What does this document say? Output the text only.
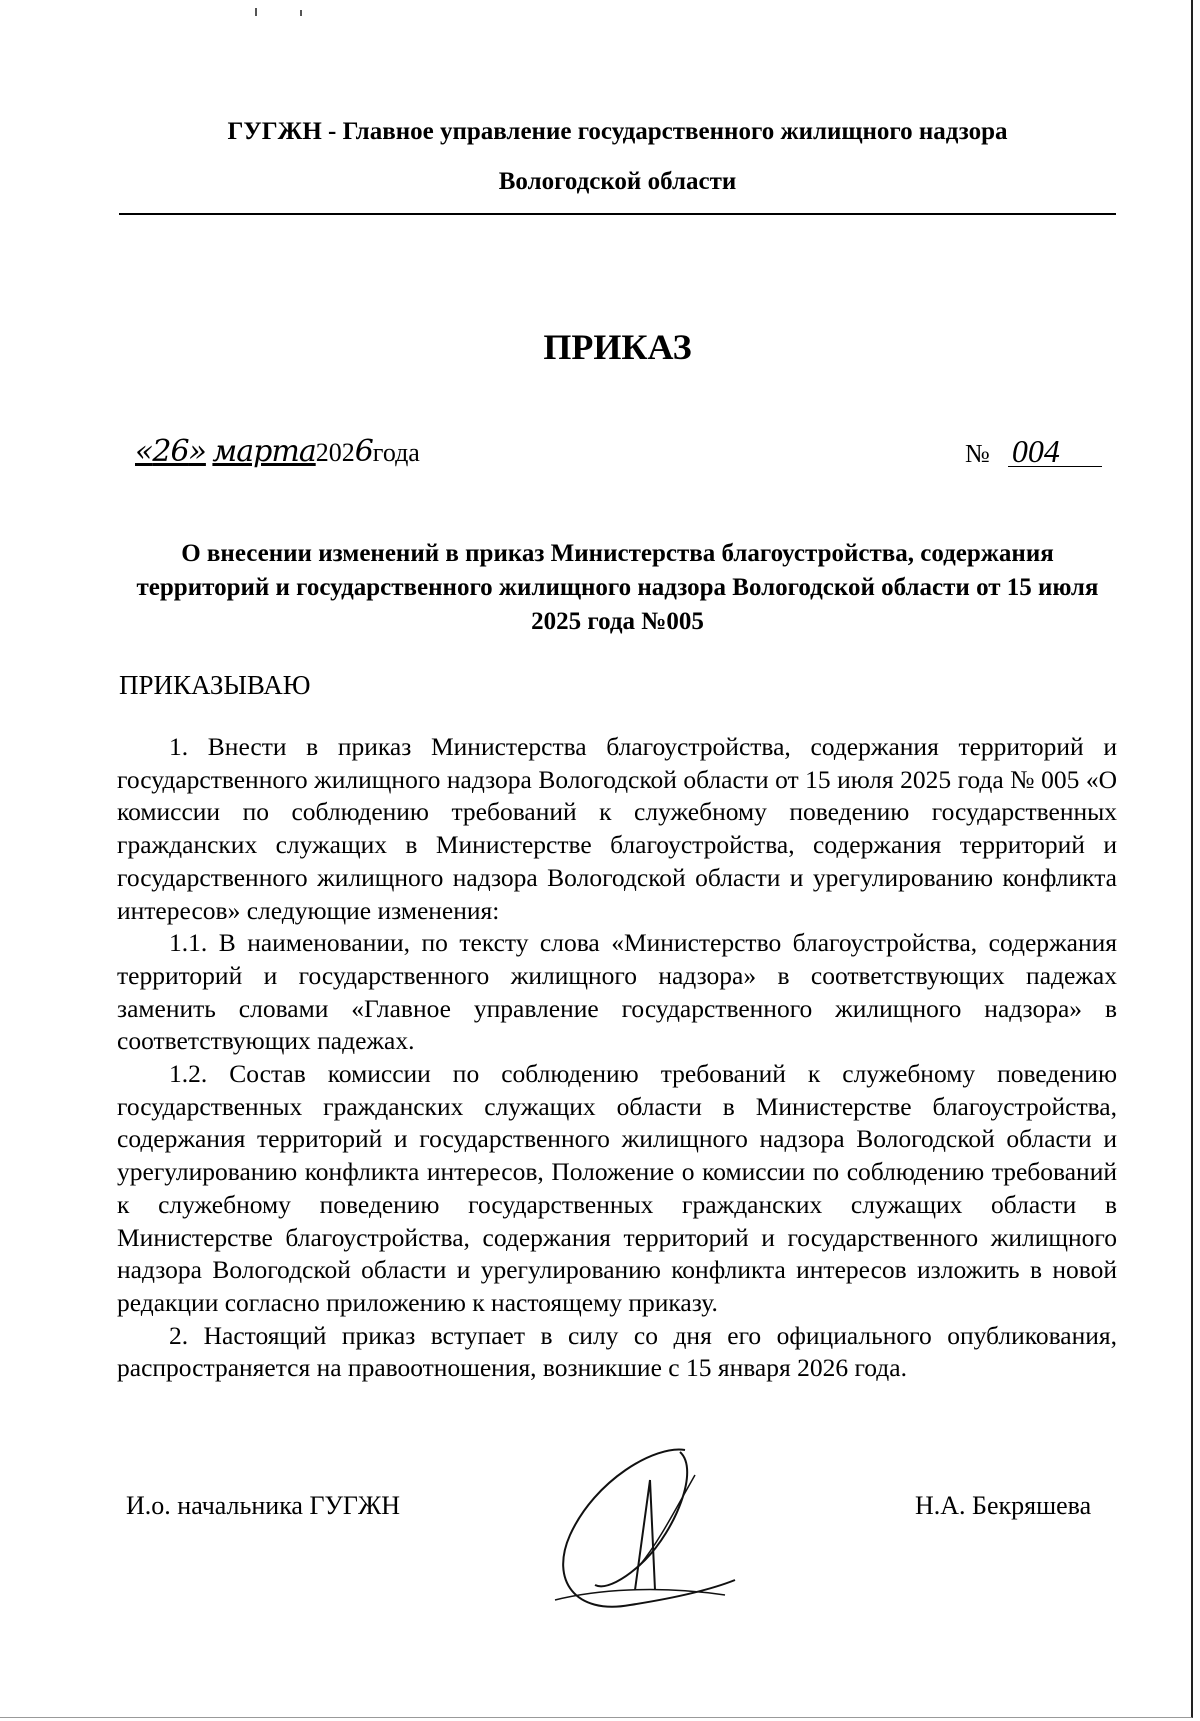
ГУГЖН - Главное управление государственного жилищного надзора
Вологодской области
ПРИКАЗ
«26» марта2026года	№ 004
О внесении изменений в приказ Министерства благоустройства, содержания территорий и государственного жилищного надзора Вологодской области от 15 июля 2025 года №005
ПРИКАЗЫВАЮ

1. Внести в приказ Министерства благоустройства, содержания территорий и государственного жилищного надзора Вологодской области от 15 июля 2025 года № 005 «О комиссии по соблюдению требований к служебному поведению государственных гражданских служащих в Министерстве благоустройства, содержания территорий и государственного жилищного надзора Вологодской области и урегулированию конфликта интересов» следующие изменения:

1.1. В наименовании, по тексту слова «Министерство благоустройства, содержания территорий и государственного жилищного надзора» в соответствующих падежах заменить словами «Главное управление государственного жилищного надзора» в соответствующих падежах.

1.2. Состав комиссии по соблюдению требований к служебному поведению государственных гражданских служащих области в Министерстве благоустройства, содержания территорий и государственного жилищного надзора Вологодской области и урегулированию конфликта интересов, Положение о комиссии по соблюдению требований к служебному поведению государственных гражданских служащих области в Министерстве благоустройства, содержания территорий и государственного жилищного надзора Вологодской области и урегулированию конфликта интересов изложить в новой редакции согласно приложению к настоящему приказу.

2. Настоящий приказ вступает в силу со дня его официального опубликования, распространяется на правоотношения, возникшие с 15 января 2026 года.

И.о. начальника ГУГЖН	Н.А. Бекряшева
